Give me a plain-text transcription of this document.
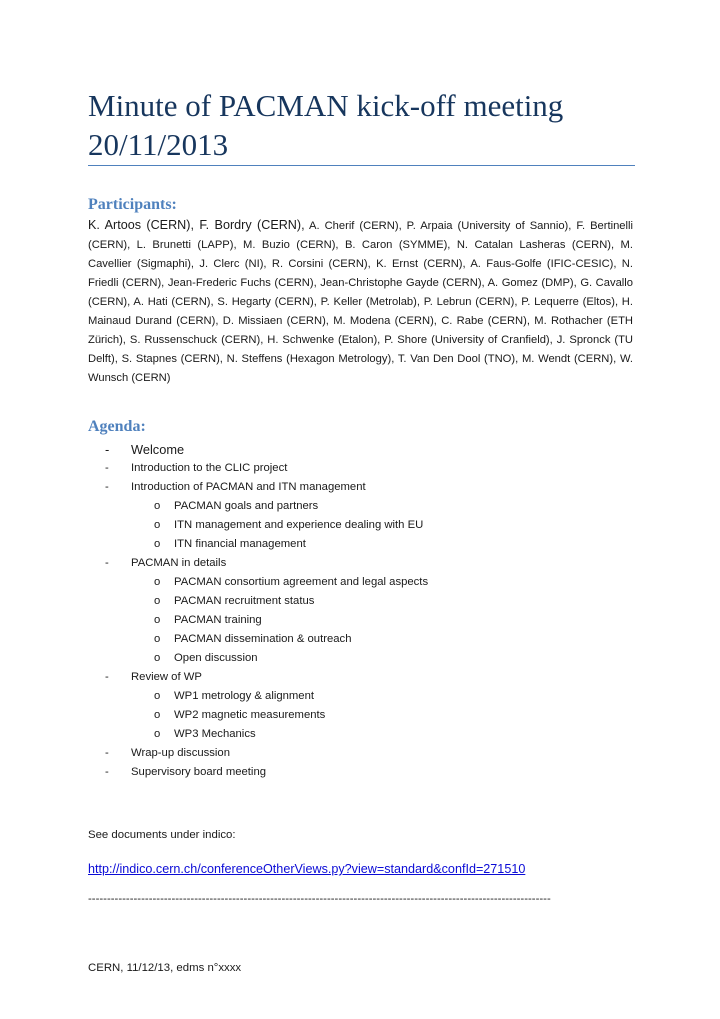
Minute of PACMAN kick-off meeting
20/11/2013
Participants:

K. Artoos (CERN), F. Bordry (CERN), A. Cherif (CERN), P. Arpaia (University of Sannio), F. Bertinelli (CERN), L. Brunetti (LAPP), M. Buzio (CERN), B. Caron (SYMME), N. Catalan Lasheras (CERN), M. Cavellier (Sigmaphi), J. Clerc (NI), R. Corsini (CERN), K. Ernst (CERN), A. Faus-Golfe (IFIC-CESIC), N. Friedli (CERN), Jean-Frederic Fuchs (CERN), Jean-Christophe Gayde (CERN), A. Gomez (DMP), G. Cavallo (CERN), A. Hati (CERN), S. Hegarty (CERN), P. Keller (Metrolab), P. Lebrun (CERN), P. Lequerre (Eltos), H. Mainaud Durand (CERN), D. Missiaen (CERN), M. Modena (CERN), C. Rabe (CERN), M. Rothacher (ETH Zürich), S. Russenschuck (CERN), H. Schwenke (Etalon), P. Shore (University of Cranfield), J. Spronck (TU Delft), S. Stapnes (CERN), N. Steffens (Hexagon Metrology), T. Van Den Dool (TNO), M. Wendt (CERN), W. Wunsch (CERN)

Agenda:
- Welcome
- Introduction to the CLIC project
- Introduction of PACMAN and ITN management
o PACMAN goals and partners
o ITN management and experience dealing with EU
o ITN financial management
- PACMAN in details
o PACMAN consortium agreement and legal aspects
o PACMAN recruitment status
o PACMAN training
o PACMAN dissemination & outreach
o Open discussion
- Review of WP
o WP1 metrology & alignment
o WP2 magnetic measurements
o WP3 Mechanics
- Wrap-up discussion
- Supervisory board meeting

See documents under indico:

http://indico.cern.ch/conferenceOtherViews.py?view=standard&confId=271510

--------------------------------------------------------------------------------------------------------------------------

CERN, 11/12/13, edms n°xxxx
